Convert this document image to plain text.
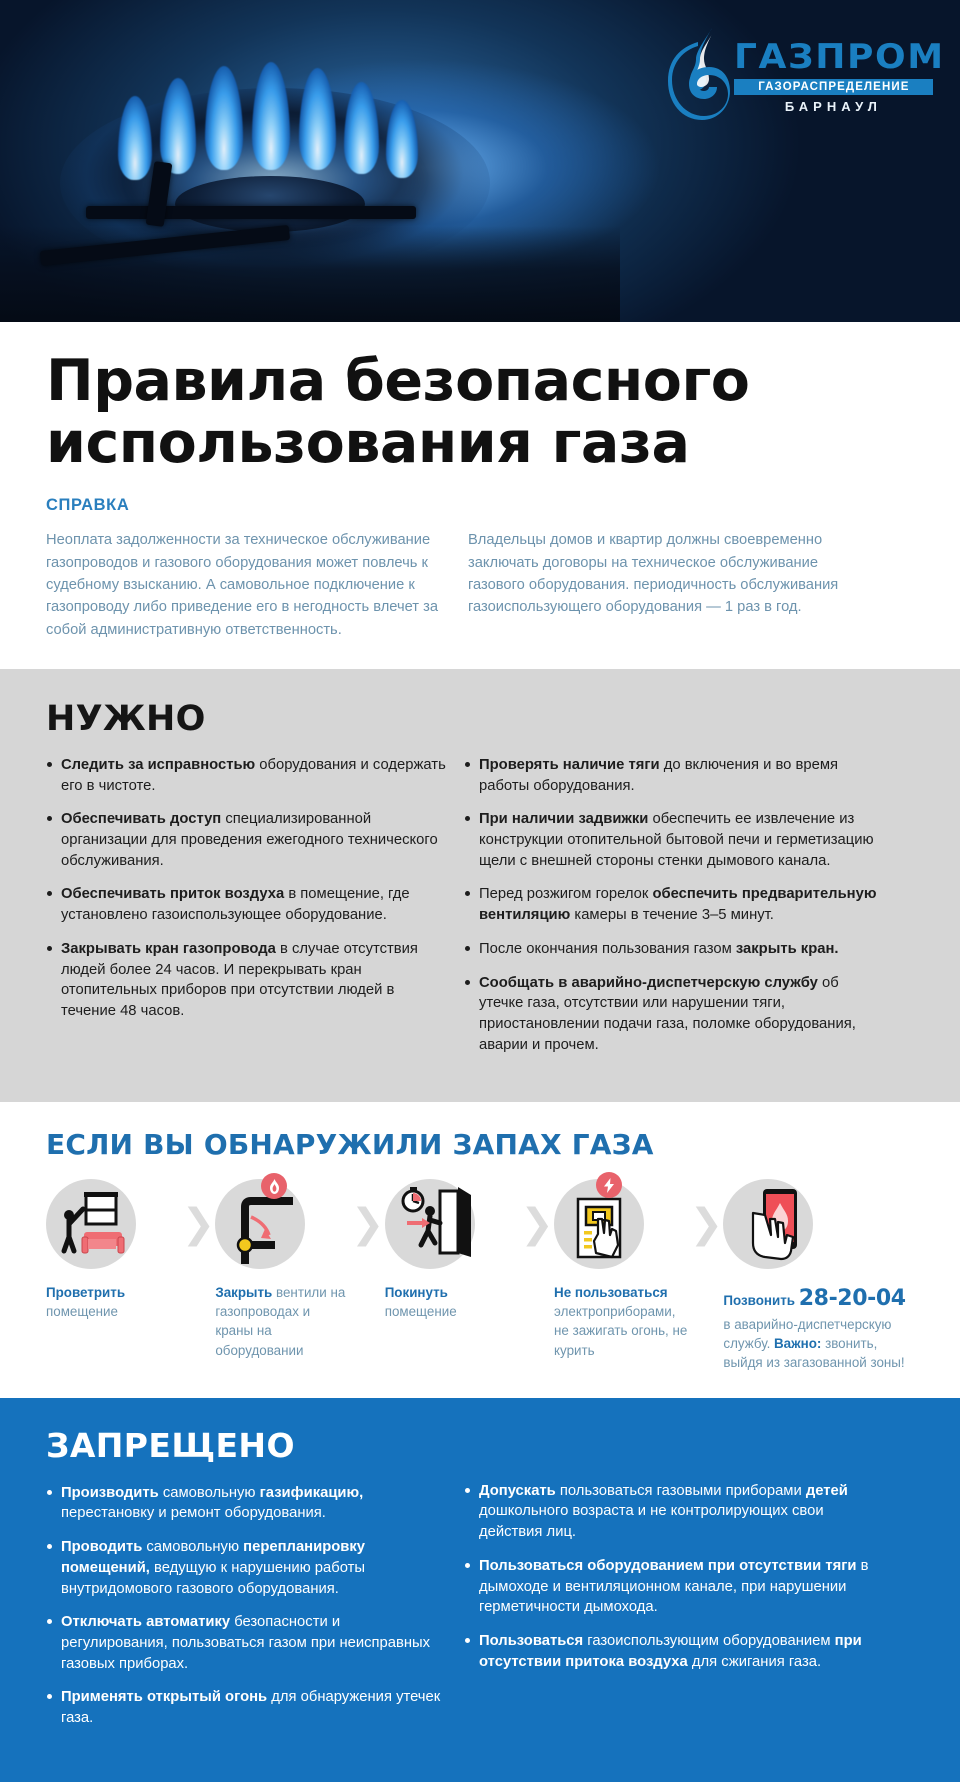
ГАЗПРОМ
ГАЗОРАСПРЕДЕЛЕНИЕ
БАРНАУЛ
Правила безопасного использования газа
СПРАВКА

Неоплата задолженности за техническое обслуживание газопроводов и газового оборудования может повлечь к судебному взысканию. А самовольное подключение к газопроводу либо приведение его в негодность влечет за собой административную ответственность.

Владельцы домов и квартир должны своевременно заключать договоры на техническое обслуживание газового оборудования. периодичность обслуживания газоиспользующего оборудования — 1 раз в год.

НУЖНО
Следить за исправностью оборудования и содержать его в чистоте.
Обеспечивать доступ специализированной организации для проведения ежегодного технического обслуживания.
Обеспечивать приток воздуха в помещение, где установлено газоиспользующее оборудование.
Закрывать кран газопровода в случае отсутствия людей более 24 часов. И перекрывать кран отопительных приборов при отсутствии людей в течение 48 часов.
Проверять наличие тяги до включения и во время работы оборудования.
При наличии задвижки обеспечить ее извлечение из конструкции отопительной бытовой печи и герметизацию щели с внешней стороны стенки дымового канала.
Перед розжигом горелок обеспечить предварительную вентиляцию камеры в течение 3–5 минут.
После окончания пользования газом закрыть кран.
Сообщать в аварийно-диспетчерскую службу об утечке газа, отсутствии или нарушении тяги, приостановлении подачи газа, поломке оборудования, аварии и прочем.
ЕСЛИ ВЫ ОБНАРУЖИЛИ ЗАПАХ ГАЗА
Проветрить помещение
❯
Закрыть вентили на газопроводах и краны на оборудовании
❯
Покинуть помещение
❯
Не пользоваться электроприборами, не зажигать огонь, не курить
❯
Позвонить 28-20-04 в аварийно-диспетчерскую службу. Важно: звонить, выйдя из загазованной зоны!
ЗАПРЕЩЕНО
Производить самовольную газификацию, перестановку и ремонт оборудования.
Проводить самовольную перепланировку помещений, ведущую к нарушению работы внутридомового газового оборудования.
Отключать автоматику безопасности и регулирования, пользоваться газом при неисправных газовых приборах.
Применять открытый огонь для обнаружения утечек газа.
Допускать пользоваться газовыми приборами детей дошкольного возраста и не контролирующих свои действия лиц.
Пользоваться оборудованием при отсутствии тяги в дымоходе и вентиляционном канале, при нарушении герметичности дымохода.
Пользоваться газоиспользующим оборудованием при отсутствии притока воздуха для сжигания газа.
